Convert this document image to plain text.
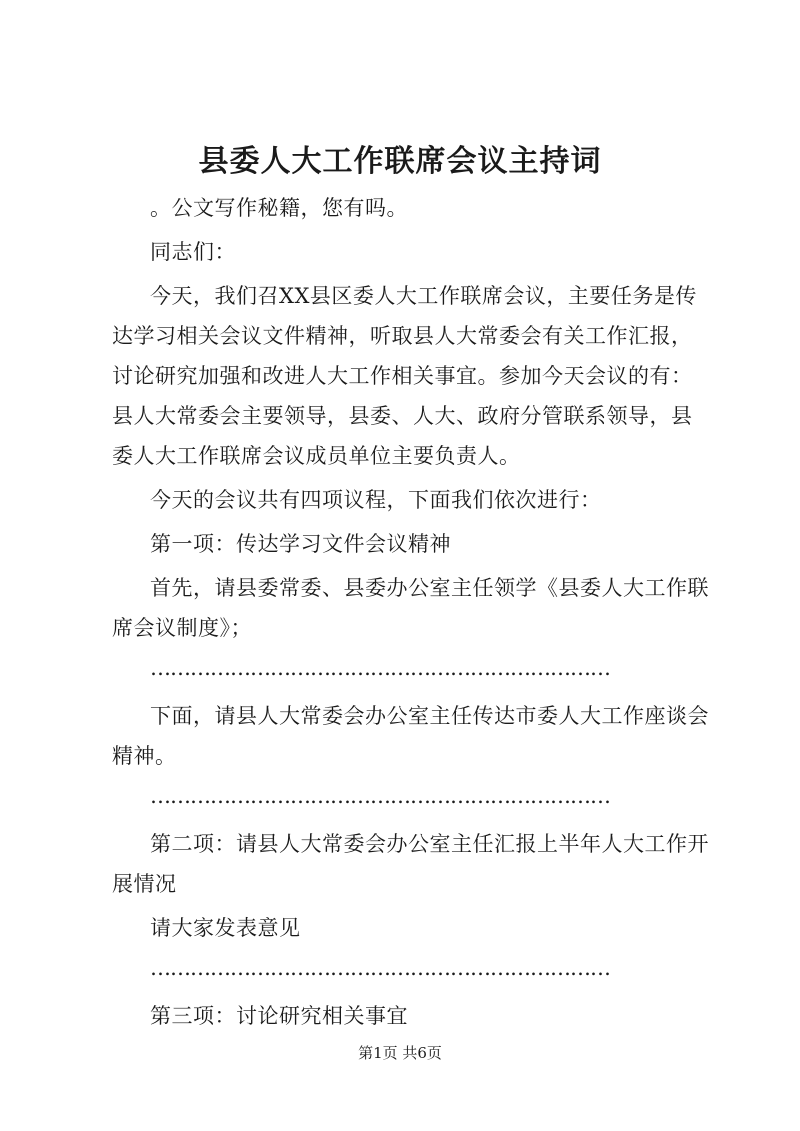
县委人大工作联席会议主持词

。公文写作秘籍，您有吗。

同志们：

今天，我们召XX县区委人大工作联席会议，主要任务是传达学习相关会议文件精神，听取县人大常委会有关工作汇报，讨论研究加强和改进人大工作相关事宜。参加今天会议的有：县人大常委会主要领导，县委、人大、政府分管联系领导，县委人大工作联席会议成员单位主要负责人。

今天的会议共有四项议程，下面我们依次进行：

第一项：传达学习文件会议精神

首先，请县委常委、县委办公室主任领学《县委人大工作联席会议制度》；

……………………………………………………………

下面，请县人大常委会办公室主任传达市委人大工作座谈会精神。

……………………………………………………………

第二项：请县人大常委会办公室主任汇报上半年人大工作开展情况

请大家发表意见

……………………………………………………………

第三项：讨论研究相关事宜

第1页 共6页
